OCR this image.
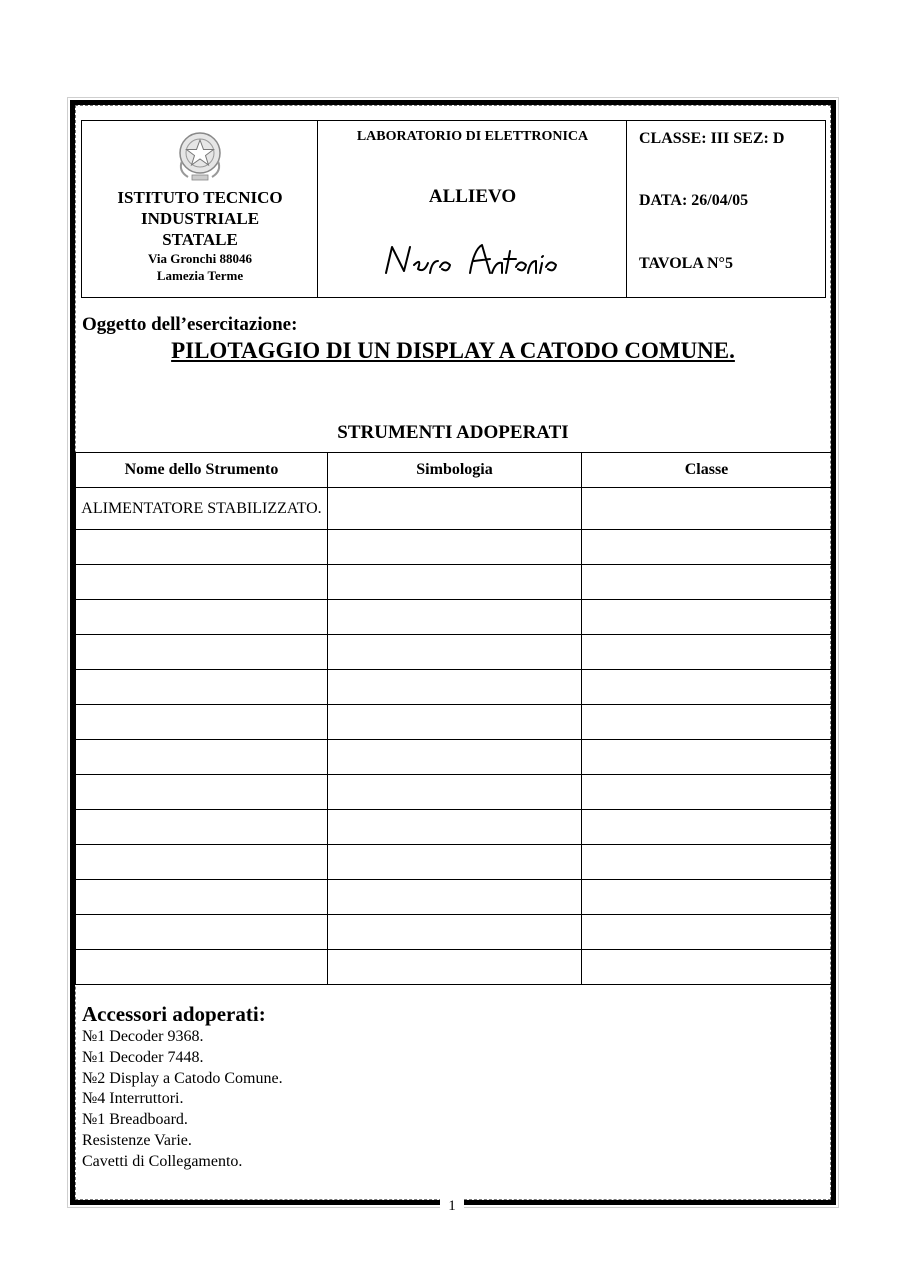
ISTITUTO TECNICO
INDUSTRIALE
STATALE
Via Gronchi 88046
Lamezia Terme
LABORATORIO DI ELETTRONICA
ALLIEVO
CLASSE: III SEZ: D
DATA: 26/04/05
TAVOLA N°5
Oggetto dell’esercitazione:
PILOTAGGIO DI UN DISPLAY A CATODO COMUNE.
STRUMENTI ADOPERATI
Nome dello Strumento	Simbologia	Classe
ALIMENTATORE STABILIZZATO.		

Accessori adoperati:
№1 Decoder 9368.
№1 Decoder 7448.
№2 Display a Catodo Comune.
№4 Interruttori.
№1 Breadboard.
Resistenze Varie.
Cavetti di Collegamento.
1
